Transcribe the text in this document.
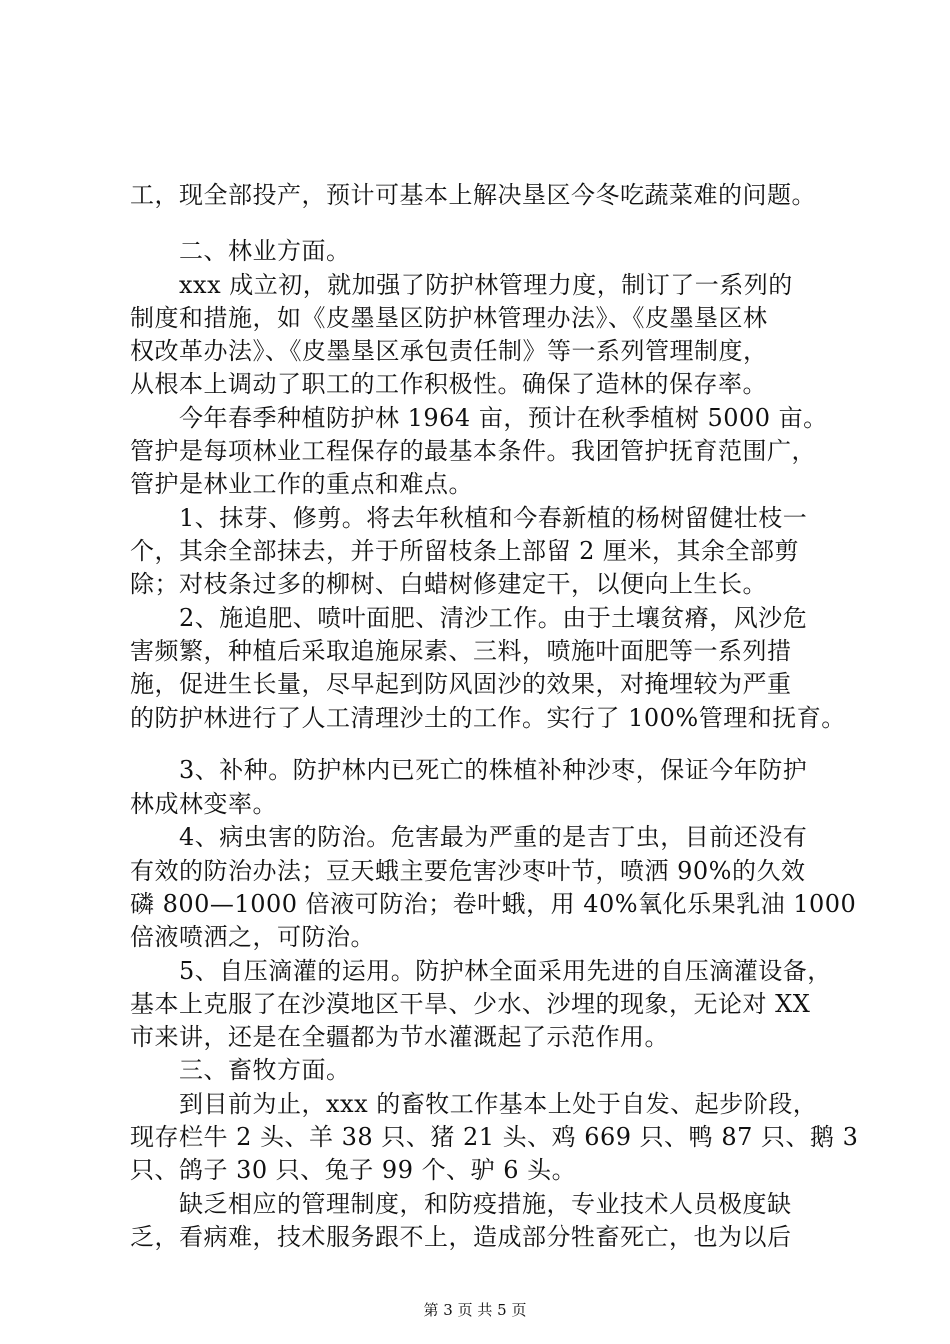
工，现全部投产，预计可基本上解决垦区今冬吃蔬菜难的问题。
　　二、林业方面。
　　xxx 成立初，就加强了防护林管理力度，制订了一系列的
制度和措施，如《皮墨垦区防护林管理办法》、《皮墨垦区林
权改革办法》、《皮墨垦区承包责任制》等一系列管理制度，
从根本上调动了职工的工作积极性。确保了造林的保存率。
　　今年春季种植防护林 1964 亩，预计在秋季植树 5000 亩。
管护是每项林业工程保存的最基本条件。我团管护抚育范围广，
管护是林业工作的重点和难点。
　　1、抹芽、修剪。将去年秋植和今春新植的杨树留健壮枝一
个，其余全部抹去，并于所留枝条上部留 2 厘米，其余全部剪
除；对枝条过多的柳树、白蜡树修建定干，以便向上生长。
　　2、施追肥、喷叶面肥、清沙工作。由于土壤贫瘠，风沙危
害频繁，种植后采取追施尿素、三料，喷施叶面肥等一系列措
施，促进生长量，尽早起到防风固沙的效果，对掩埋较为严重
的防护林进行了人工清理沙土的工作。实行了 100%管理和抚育。
　　3、补种。防护林内已死亡的株植补种沙枣，保证今年防护
林成林变率。
　　4、病虫害的防治。危害最为严重的是吉丁虫，目前还没有
有效的防治办法；豆天蛾主要危害沙枣叶节，喷洒 90%的久效
磷 800—1000 倍液可防治；卷叶蛾，用 40%氧化乐果乳油 1000
倍液喷洒之，可防治。
　　5、自压滴灌的运用。防护林全面采用先进的自压滴灌设备，
基本上克服了在沙漠地区干旱、少水、沙埋的现象，无论对 XX
市来讲，还是在全疆都为节水灌溉起了示范作用。
　　三、畜牧方面。
　　到目前为止，xxx 的畜牧工作基本上处于自发、起步阶段，
现存栏牛 2 头、羊 38 只、猪 21 头、鸡 669 只、鸭 87 只、鹅 3
只、鸽子 30 只、兔子 99 个、驴 6 头。
　　缺乏相应的管理制度，和防疫措施，专业技术人员极度缺
乏，看病难，技术服务跟不上，造成部分牲畜死亡，也为以后
第 3 页 共 5 页
